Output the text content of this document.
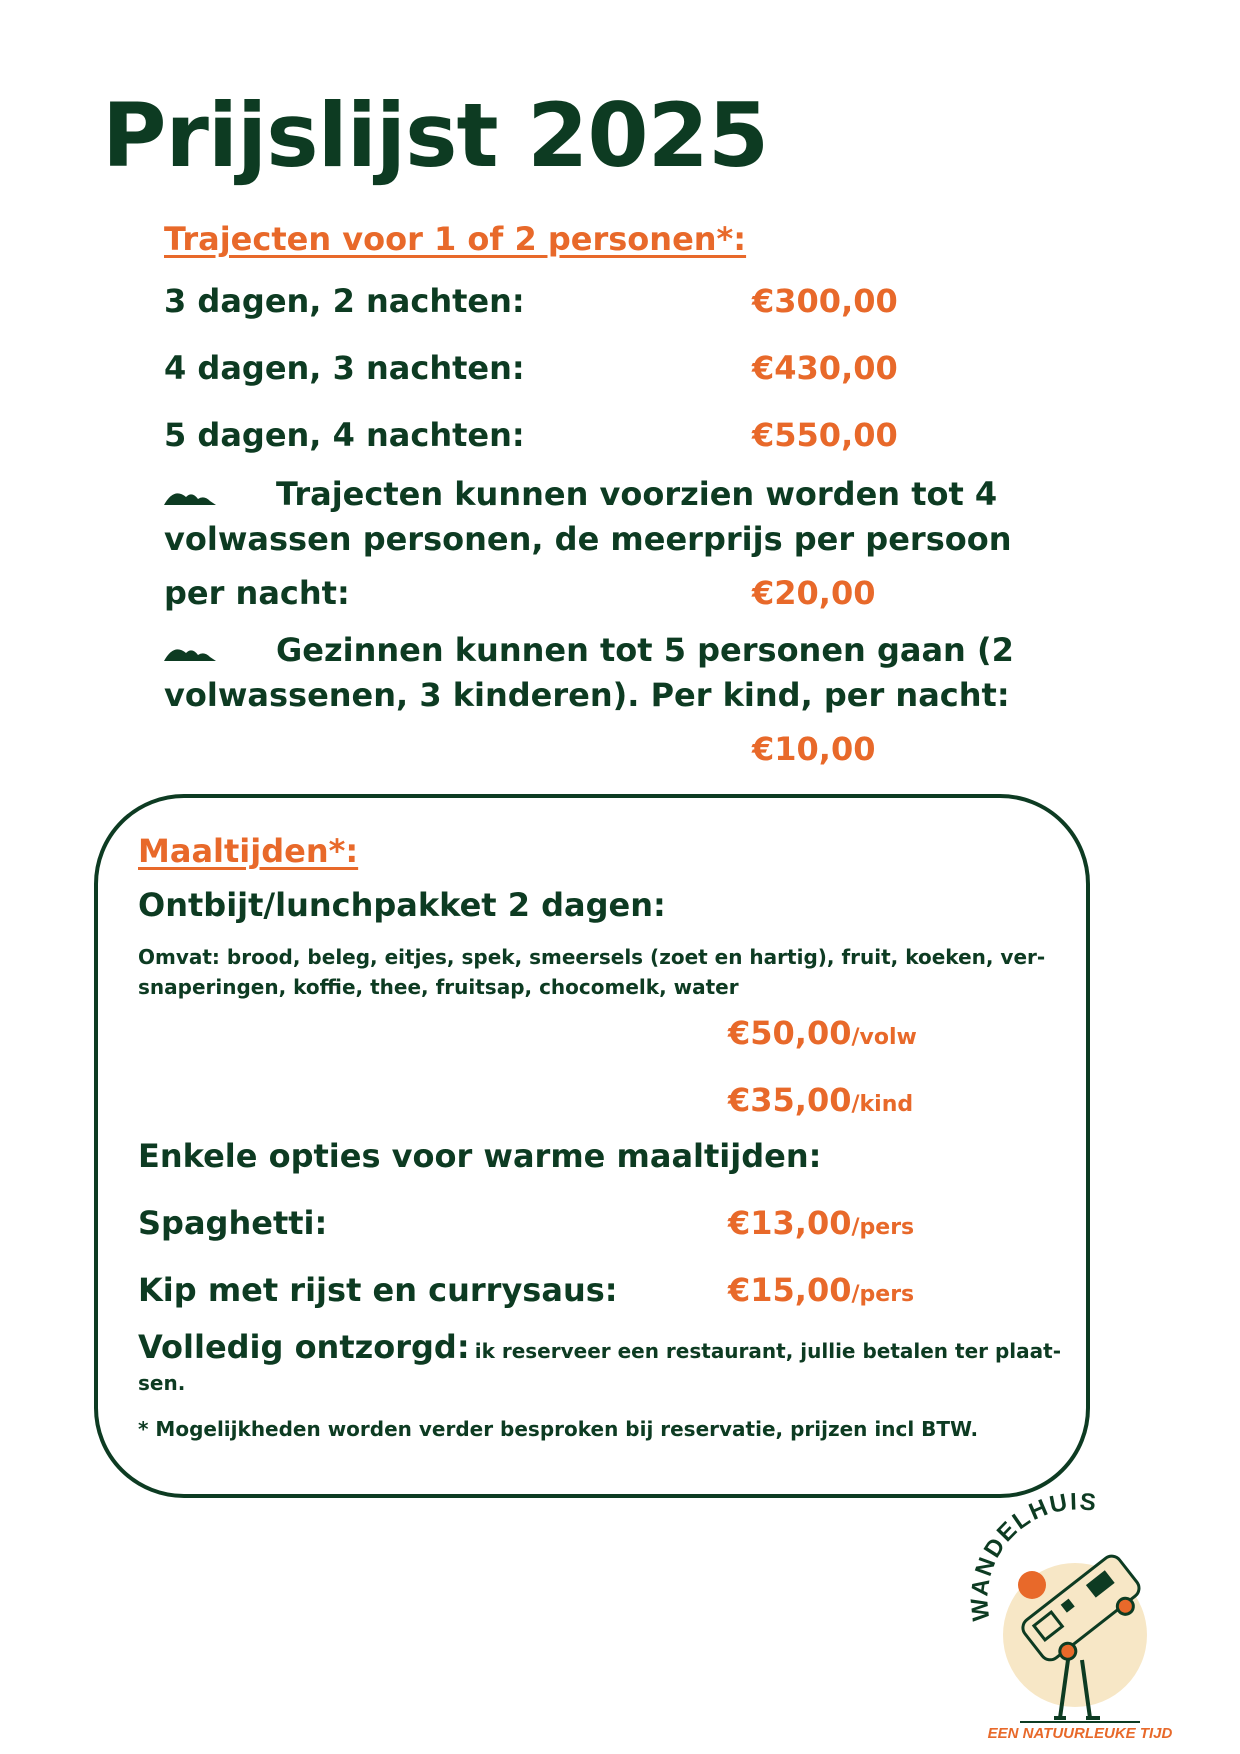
Prijslijst 2025
Trajecten voor 1 of 2 personen*:
3 dagen, 2 nachten:	€300,00
4 dagen, 3 nachten:	€430,00
5 dagen, 4 nachten:	€550,00
Trajecten kunnen voorzien worden tot 4
volwassen personen, de meerprijs per persoon
per nacht:	€20,00
Gezinnen kunnen tot 5 personen gaan (2
volwassenen, 3 kinderen). Per kind, per nacht:
€10,00
Maaltijden*:
Ontbijt/lunchpakket 2 dagen:
Omvat: brood, beleg, eitjes, spek, smeersels (zoet en hartig), fruit, koeken, ver-
snaperingen, koffie, thee, fruitsap, chocomelk, water
€50,00/volw
€35,00/kind
Enkele opties voor warme maaltijden:
Spaghetti:	€13,00/pers
Kip met rijst en currysaus:	€15,00/pers
Volledig ontzorgd: ik reserveer een restaurant, jullie betalen ter plaat-
sen.
* Mogelijkheden worden verder besproken bij reservatie, prijzen incl BTW.
WANDELHUIS
EEN NATUURLEUKE TIJD
